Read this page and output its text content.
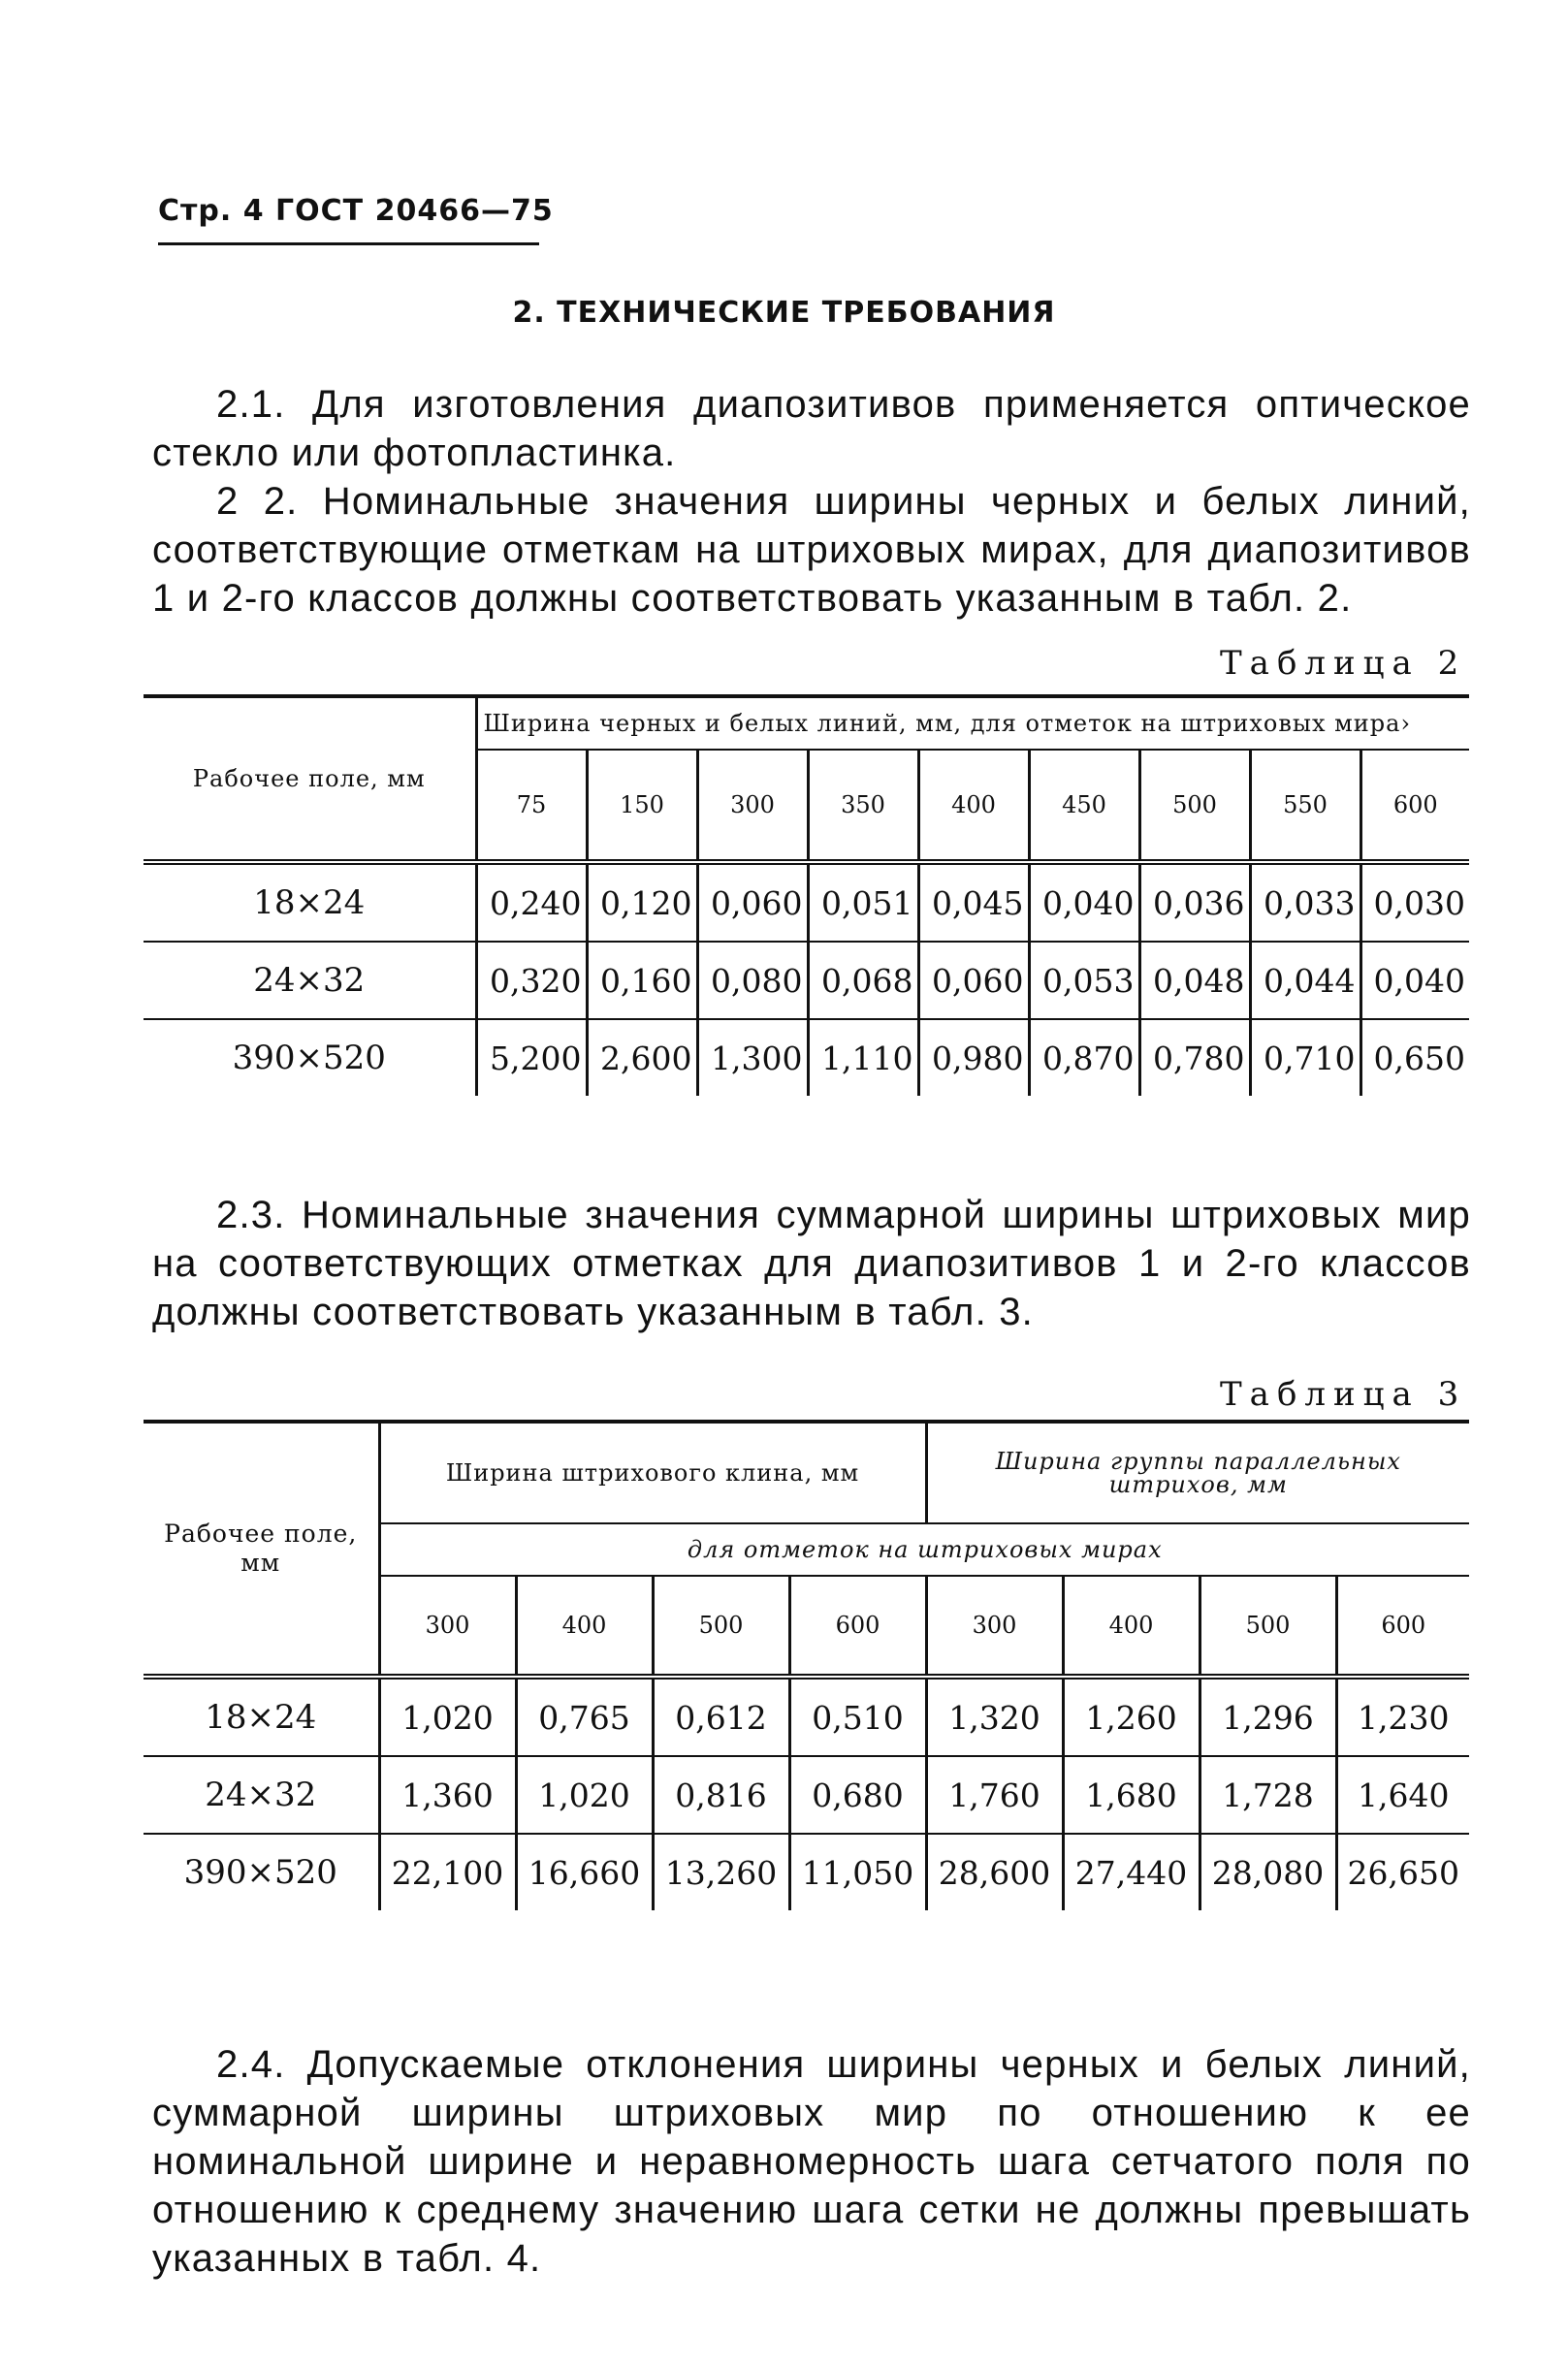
Стр. 4 ГОСТ 20466—75
2. ТЕХНИЧЕСКИЕ ТРЕБОВАНИЯ

2.1. Для изготовления диапозитивов применяется оптическое стекло или фотопластинка.

2 2. Номинальные значения ширины черных и белых линий, соответствующие отметкам на штриховых мирах, для диапозитивов 1 и 2-го классов должны соответствовать указанным в табл. 2.

Таблица 2
Рабочее поле, мм	Ширина черных и белых линий, мм, для отметок на штриховых мира›								
	75	150	300	350	400	450	500	550	600
18×24	0,240	0,120	0,060	0,051	0,045	0,040	0,036	0,033	0,030
24×32	0,320	0,160	0,080	0,068	0,060	0,053	0,048	0,044	0,040
390×520	5,200	2,600	1,300	1,110	0,980	0,870	0,780	0,710	0,650

2.3. Номинальные значения суммарной ширины штриховых мир на соответствующих отметках для диапозитивов 1 и 2-го классов должны соответствовать указанным в табл. 3.

Таблица 3
Рабочее поле, мм	Ширина штрихового клина, мм				Ширина группы параллельных штрихов, мм			
	для отметок на штриховых мирах							
	300	400	500	600	300	400	500	600
18×24	1,020	0,765	0,612	0,510	1,320	1,260	1,296	1,230
24×32	1,360	1,020	0,816	0,680	1,760	1,680	1,728	1,640
390×520	22,100	16,660	13,260	11,050	28,600	27,440	28,080	26,650

2.4. Допускаемые отклонения ширины черных и белых линий, суммарной ширины штриховых мир по отношению к ее номинальной ширине и неравномерность шага сетчатого поля по отношению к среднему значению шага сетки не должны превышать указанных в табл. 4.
